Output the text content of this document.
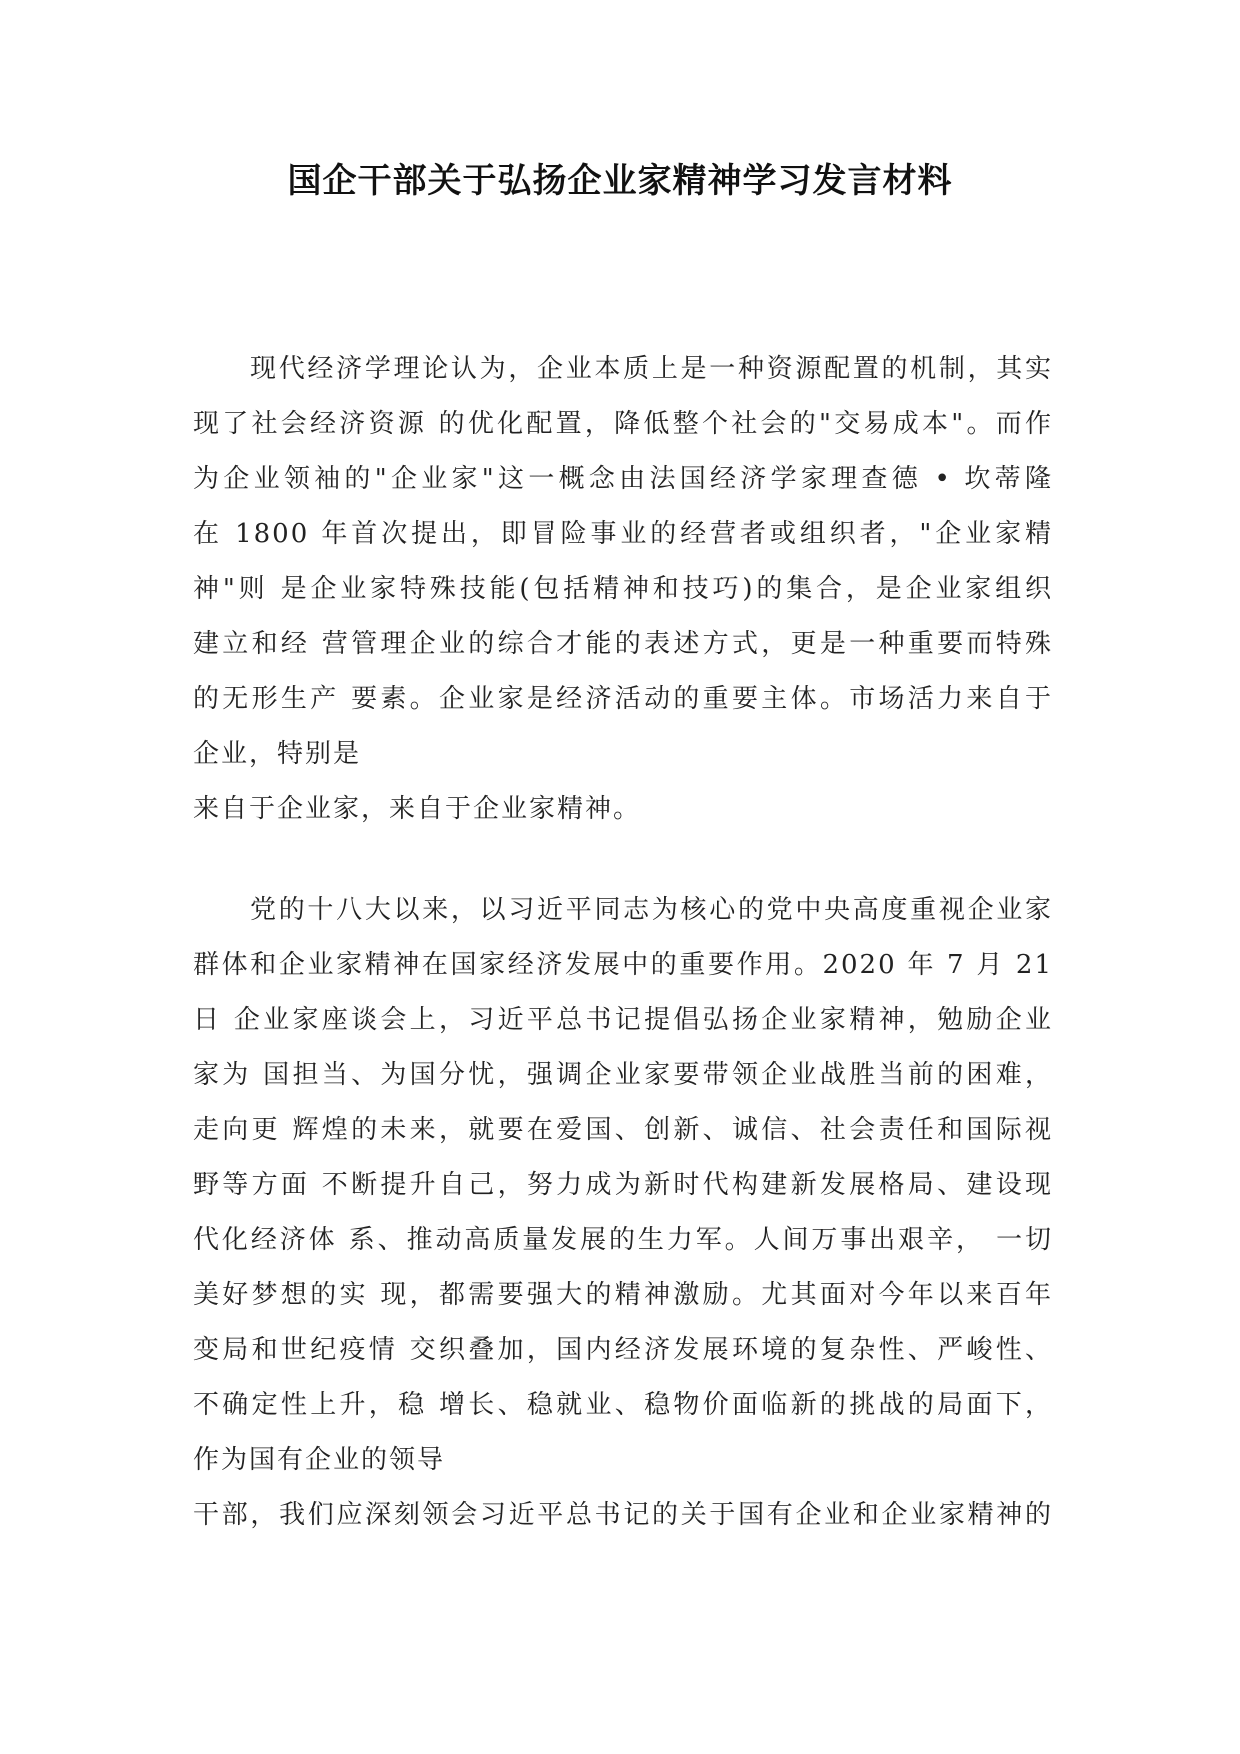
国企干部关于弘扬企业家精神学习发言材料
现代经济学理论认为，企业本质上是一种资源配置的机制，其实
现了社会经济资源 的优化配置，降低整个社会的"交易成本"。而作
为企业领袖的"企业家"这一概念由法国经济学家理查德 • 坎蒂隆
在 1800 年首次提出，即冒险事业的经营者或组织者，"企业家精
神"则 是企业家特殊技能(包括精神和技巧)的集合，是企业家组织
建立和经 营管理企业的综合才能的表述方式，更是一种重要而特殊
的无形生产 要素。企业家是经济活动的重要主体。市场活力来自于
企业，特别是
来自于企业家，来自于企业家精神。
党的十八大以来，以习近平同志为核心的党中央高度重视企业家
群体和企业家精神在国家经济发展中的重要作用。2020 年 7 月 21
日 企业家座谈会上，习近平总书记提倡弘扬企业家精神，勉励企业
家为 国担当、为国分忧，强调企业家要带领企业战胜当前的困难，
走向更 辉煌的未来，就要在爱国、创新、诚信、社会责任和国际视
野等方面 不断提升自己，努力成为新时代构建新发展格局、建设现
代化经济体 系、推动高质量发展的生力军。人间万事出艰辛， 一切
美好梦想的实 现，都需要强大的精神激励。尤其面对今年以来百年
变局和世纪疫情 交织叠加，国内经济发展环境的复杂性、严峻性、
不确定性上升，稳 增长、稳就业、稳物价面临新的挑战的局面下，
作为国有企业的领导
干部，我们应深刻领会习近平总书记的关于国有企业和企业家精神的
